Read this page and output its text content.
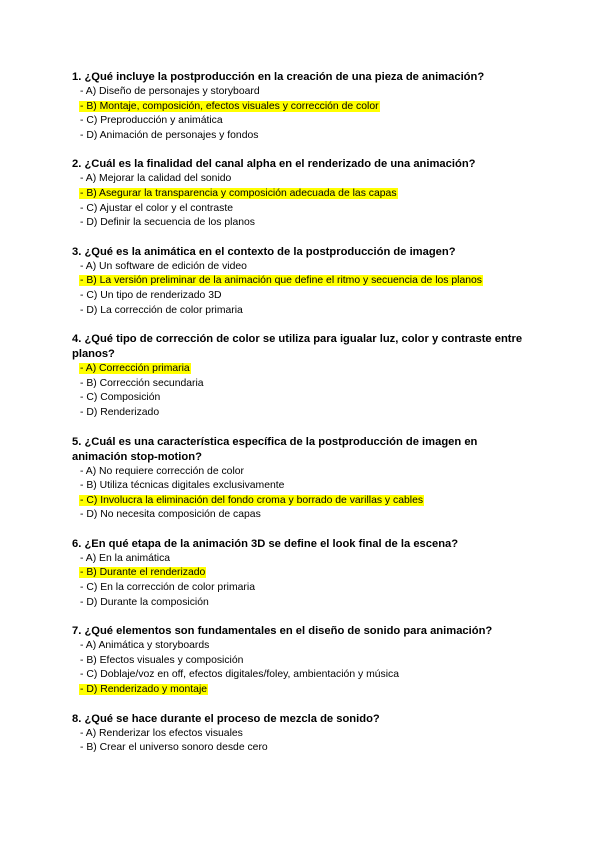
1. ¿Qué incluye la postproducción en la creación de una pieza de animación?
- A) Diseño de personajes y storyboard
- B) Montaje, composición, efectos visuales y corrección de color
- C) Preproducción y animática
- D) Animación de personajes y fondos
2. ¿Cuál es la finalidad del canal alpha en el renderizado de una animación?
- A) Mejorar la calidad del sonido
- B) Asegurar la transparencia y composición adecuada de las capas
- C) Ajustar el color y el contraste
- D) Definir la secuencia de los planos
3. ¿Qué es la animática en el contexto de la postproducción de imagen?
- A) Un software de edición de video
- B) La versión preliminar de la animación que define el ritmo y secuencia de los planos
- C) Un tipo de renderizado 3D
- D) La corrección de color primaria
4. ¿Qué tipo de corrección de color se utiliza para igualar luz, color y contraste entre planos?
- A) Corrección primaria
- B) Corrección secundaria
- C) Composición
- D) Renderizado
5. ¿Cuál es una característica específica de la postproducción de imagen en animación stop-motion?
- A) No requiere corrección de color
- B) Utiliza técnicas digitales exclusivamente
- C) Involucra la eliminación del fondo croma y borrado de varillas y cables
- D) No necesita composición de capas
6. ¿En qué etapa de la animación 3D se define el look final de la escena?
- A) En la animática
- B) Durante el renderizado
- C) En la corrección de color primaria
- D) Durante la composición
7. ¿Qué elementos son fundamentales en el diseño de sonido para animación?
- A) Animática y storyboards
- B) Efectos visuales y composición
- C) Doblaje/voz en off, efectos digitales/foley, ambientación y música
- D) Renderizado y montaje
8. ¿Qué se hace durante el proceso de mezcla de sonido?
- A) Renderizar los efectos visuales
- B) Crear el universo sonoro desde cero
